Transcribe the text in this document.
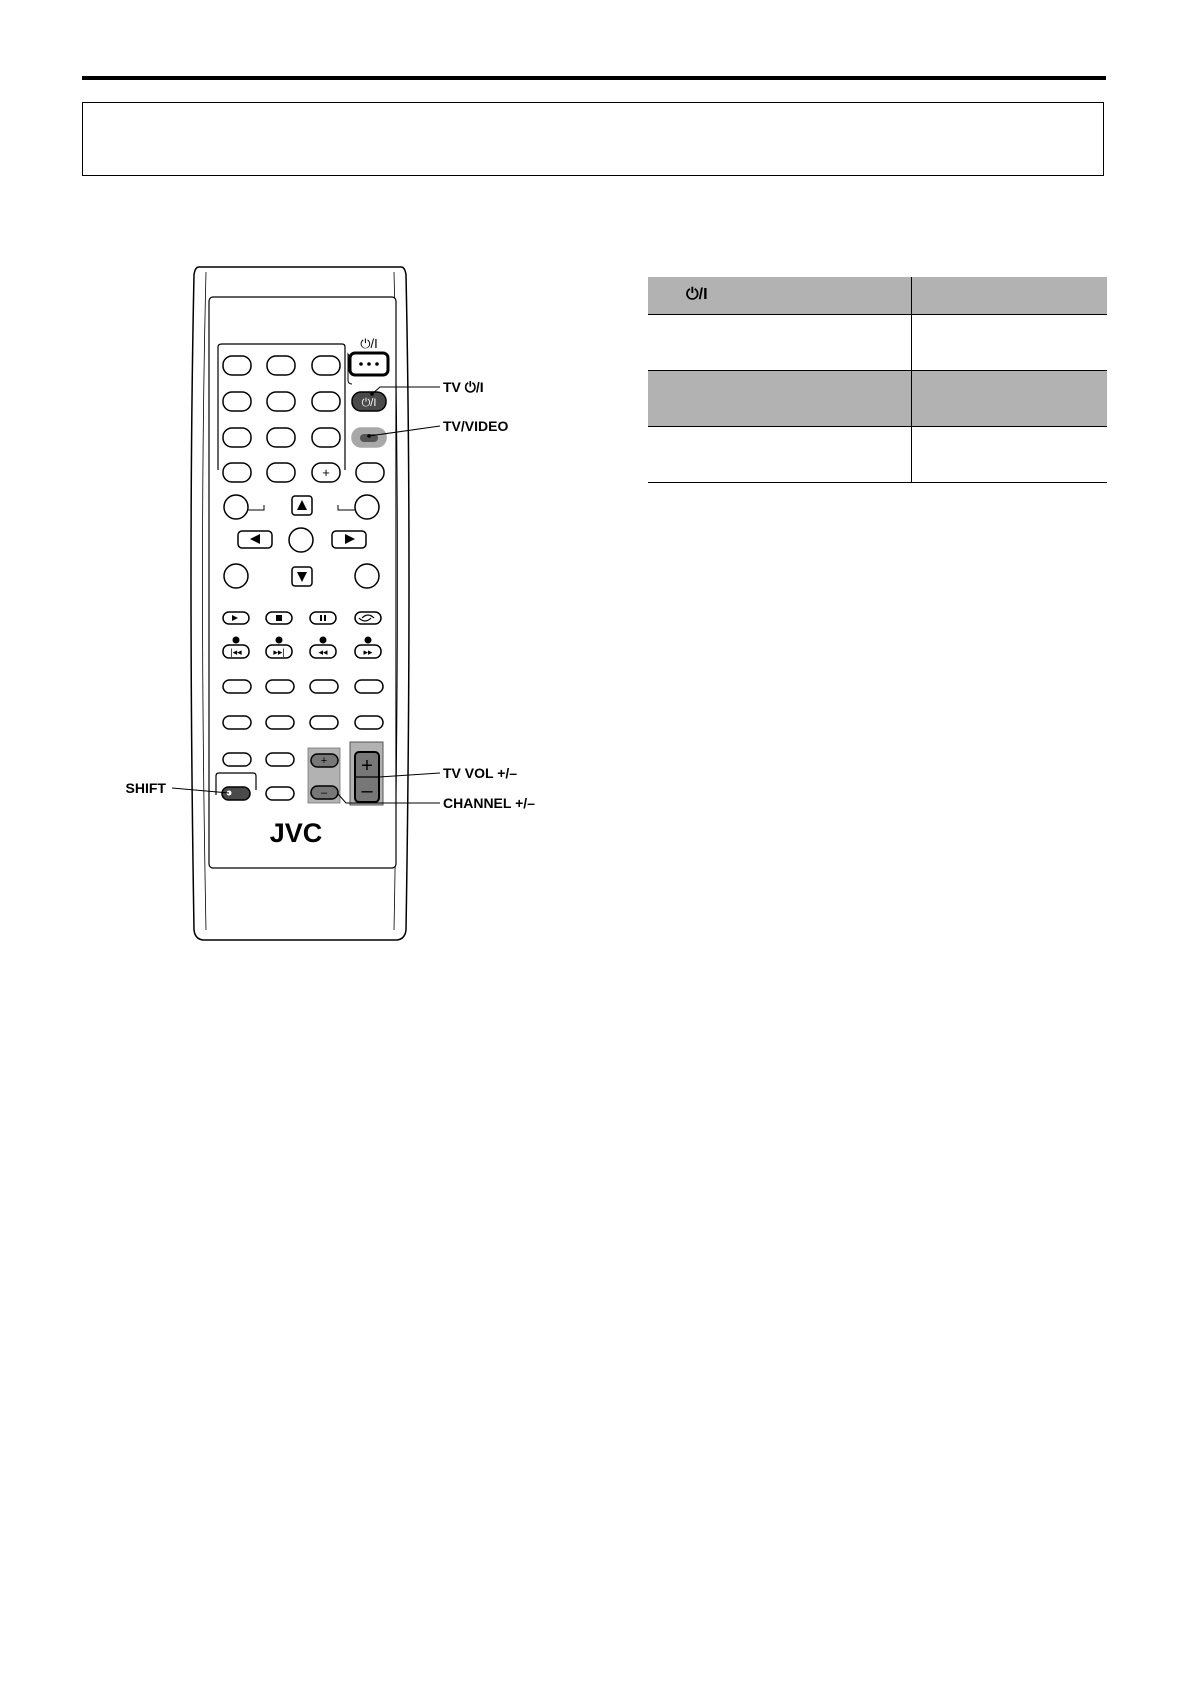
+
⏻/I
⏻/I
|◂◂	▸▸|	◂◂	▸▸
+
–
+
–
JVC
TV ⏻/I
TV/VIDEO
TV VOL +/–
CHANNEL +/–
SHIFT
⏻/I	
